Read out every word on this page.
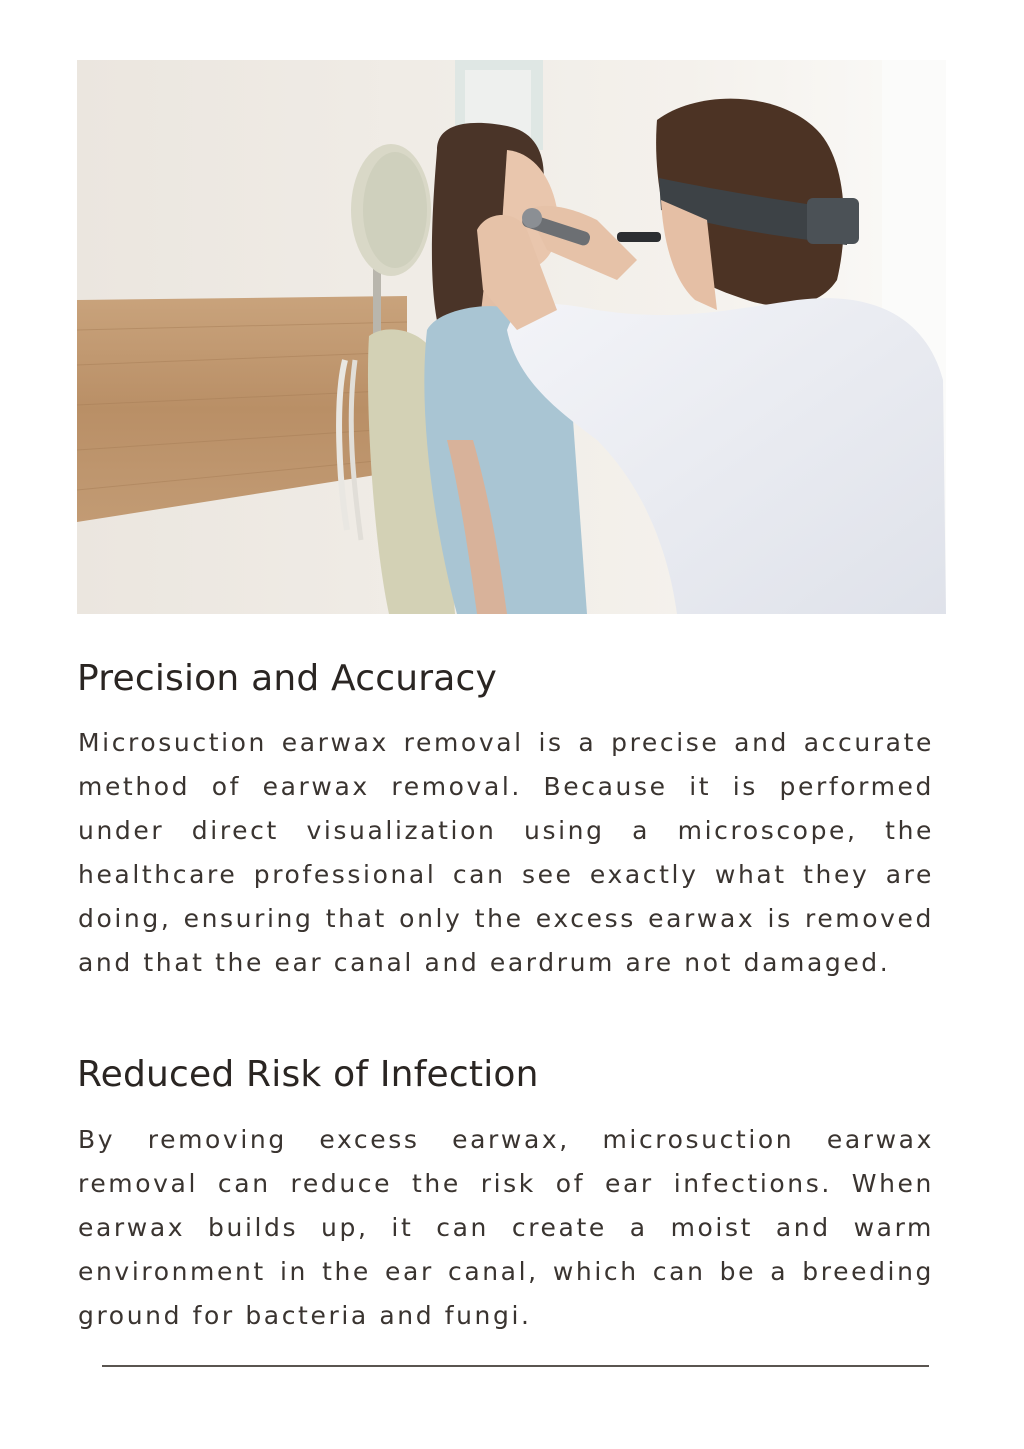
Precision and Accuracy

Microsuction earwax removal is a precise and accurate method of earwax removal. Because it is performed under direct visualization using a microscope, the healthcare professional can see exactly what they are doing, ensuring that only the excess earwax is removed and that the ear canal and eardrum are not damaged.

Reduced Risk of Infection

By removing excess earwax, microsuction earwax removal can reduce the risk of ear infections. When earwax builds up, it can create a moist and warm environment in the ear canal, which can be a breeding ground for bacteria and fungi.
